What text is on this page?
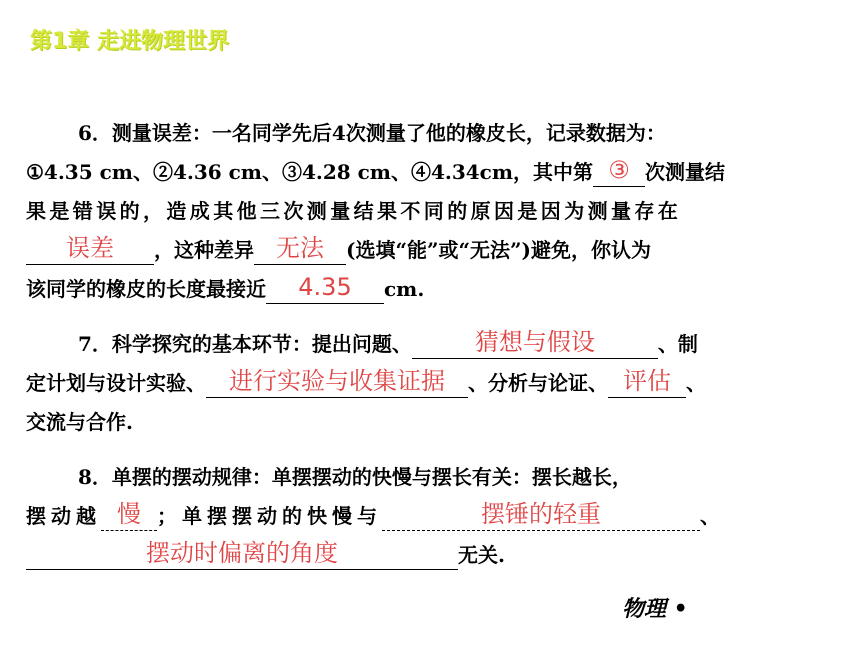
第1章 走进物理世界
6．测量误差：一名同学先后4次测量了他的橡皮长，记录数据为：
①4.35 cm、②4.36 cm、③4.28 cm、④4.34cm，其中第 ③ 次测量结
果是错误的，造成其他三次测量结果不同的原因是因为测量存在
误差	，这种差异 无法	(选填“能”或“无法”)避免，你认为
该同学的橡皮的长度最接近	4.35	cm.
7．科学探究的基本环节：提出问题、	猜想与假设	、制
定计划与设计实验、 进行实验与收集证据	、分析与论证、 评估 、
交流与合作.
8．单摆的摆动规律：单摆摆动的快慢与摆长有关：摆长越长，
摆动越 慢 ；单摆摆动的快慢与	摆锤的轻重	、
摆动时偏离的角度	无关.
物理 •
